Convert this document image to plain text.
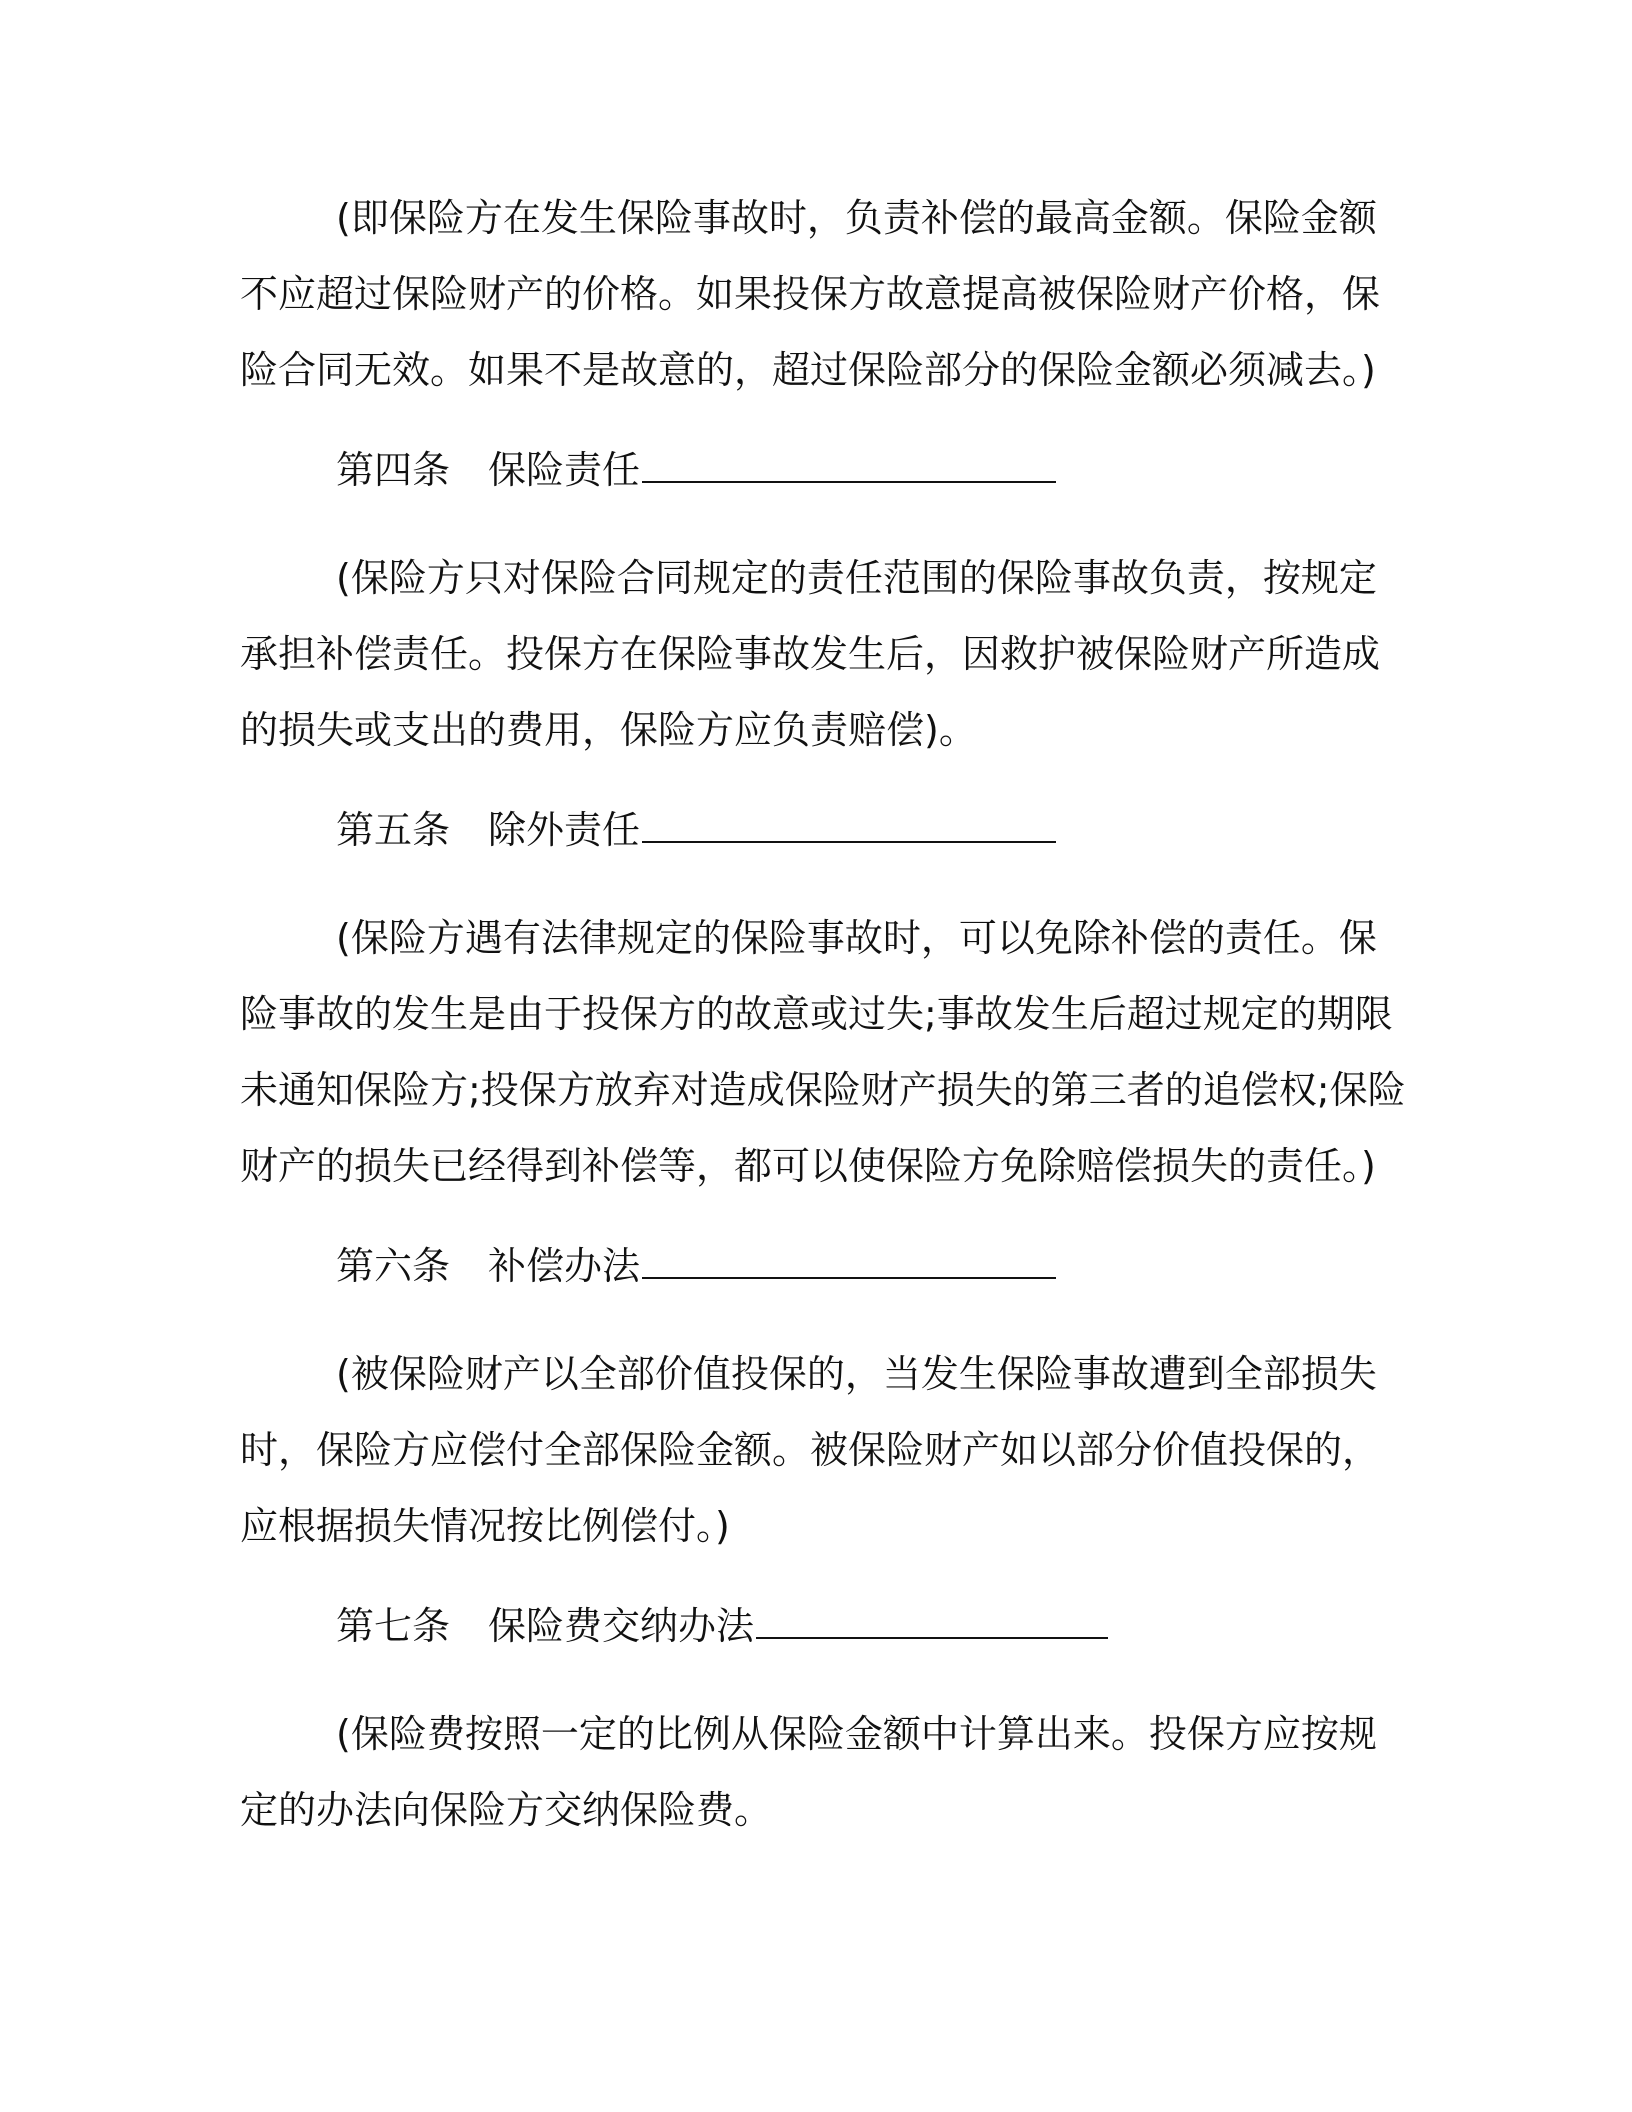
(即保险方在发生保险事故时，负责补偿的最高金额。保险金额
不应超过保险财产的价格。如果投保方故意提高被保险财产价格，保
险合同无效。如果不是故意的，超过保险部分的保险金额必须减去。)
第四条 保险责任
(保险方只对保险合同规定的责任范围的保险事故负责，按规定
承担补偿责任。投保方在保险事故发生后，因救护被保险财产所造成
的损失或支出的费用，保险方应负责赔偿)。
第五条 除外责任
(保险方遇有法律规定的保险事故时，可以免除补偿的责任。保
险事故的发生是由于投保方的故意或过失;事故发生后超过规定的期限
未通知保险方;投保方放弃对造成保险财产损失的第三者的追偿权;保险
财产的损失已经得到补偿等，都可以使保险方免除赔偿损失的责任。)
第六条 补偿办法
(被保险财产以全部价值投保的，当发生保险事故遭到全部损失
时，保险方应偿付全部保险金额。被保险财产如以部分价值投保的，
应根据损失情况按比例偿付。)
第七条 保险费交纳办法
(保险费按照一定的比例从保险金额中计算出来。投保方应按规
定的办法向保险方交纳保险费。
